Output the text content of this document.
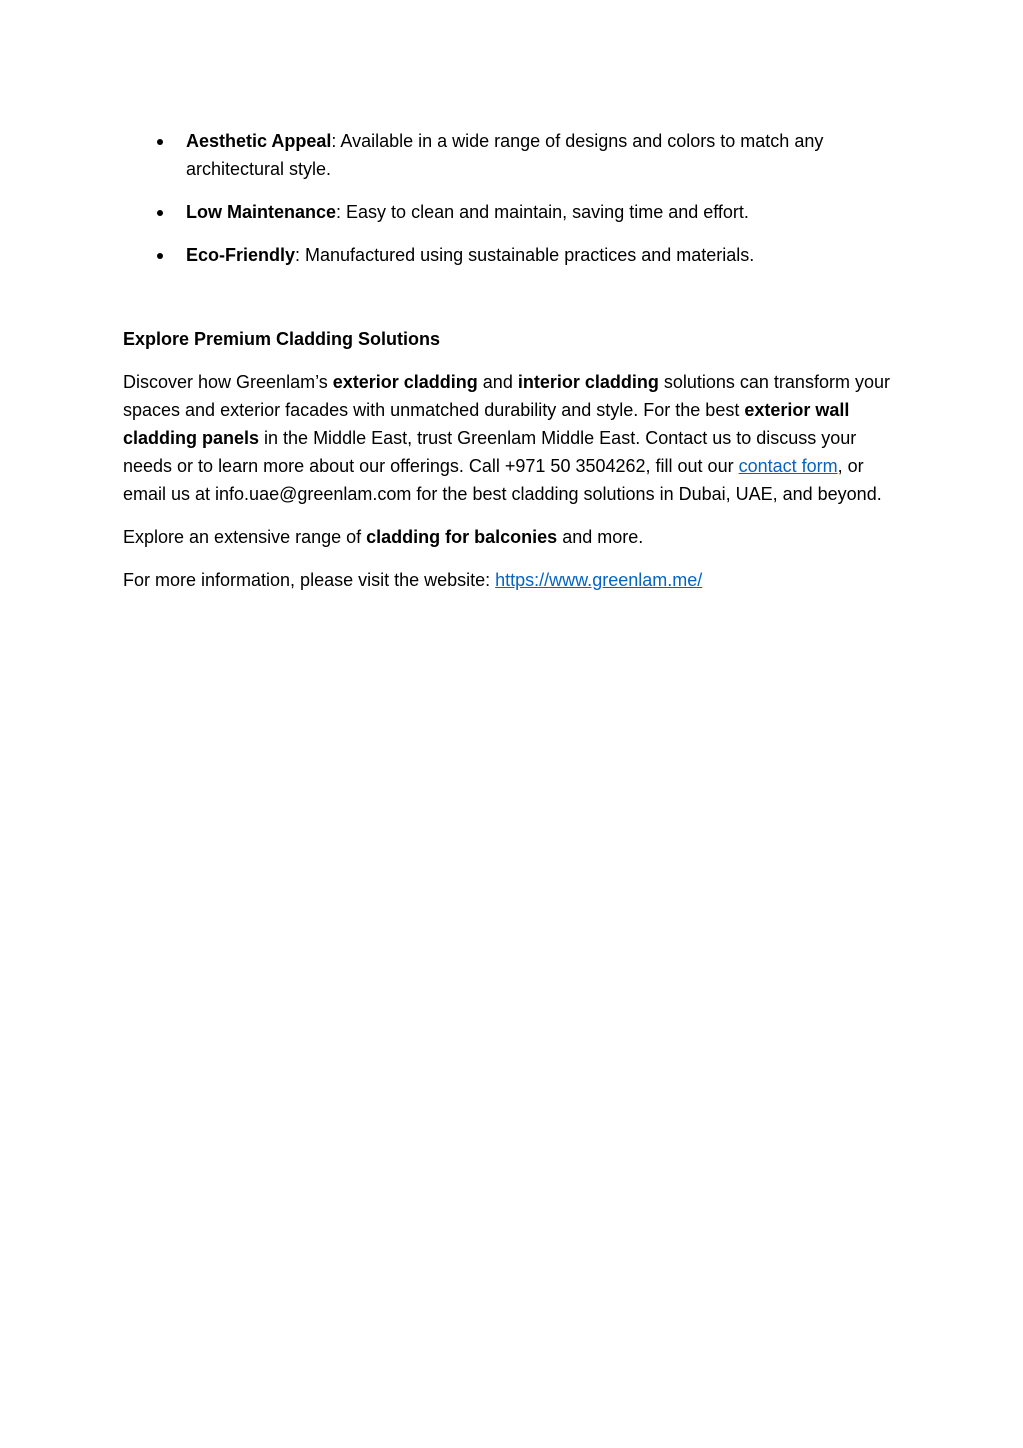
Aesthetic Appeal: Available in a wide range of designs and colors to match any architectural style.
Low Maintenance: Easy to clean and maintain, saving time and effort.
Eco-Friendly: Manufactured using sustainable practices and materials.
Explore Premium Cladding Solutions

Discover how Greenlam’s exterior cladding and interior cladding solutions can transform your spaces and exterior facades with unmatched durability and style. For the best exterior wall cladding panels in the Middle East, trust Greenlam Middle East. Contact us to discuss your needs or to learn more about our offerings. Call +971 50 3504262, fill out our contact form, or email us at info.uae@greenlam.com for the best cladding solutions in Dubai, UAE, and beyond.

Explore an extensive range of cladding for balconies and more.

For more information, please visit the website: https://www.greenlam.me/
